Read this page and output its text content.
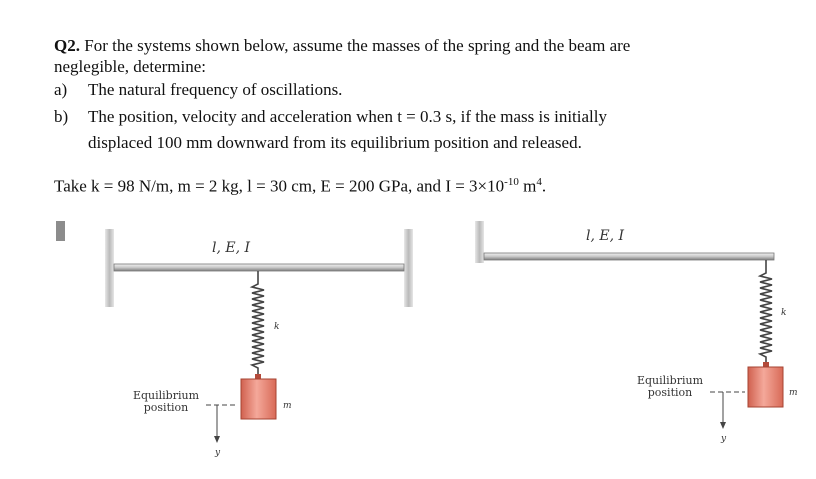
Q2. For the systems shown below, assume the masses of the spring and the beam are
neglegible, determine:
a) The natural frequency of oscillations.
b) The position, velocity and acceleration when t = 0.3 s, if the mass is initially
displaced 100 mm downward from its equilibrium position and released.
Take k = 98 N/m, m = 2 kg, l = 30 cm, E = 200 GPa, and $I = 3\times 10^{-10}$ $m^4$.
l, E, I
k
m
Equilibrium
position
y
l, E, I
k
m
Equilibrium
position
y
